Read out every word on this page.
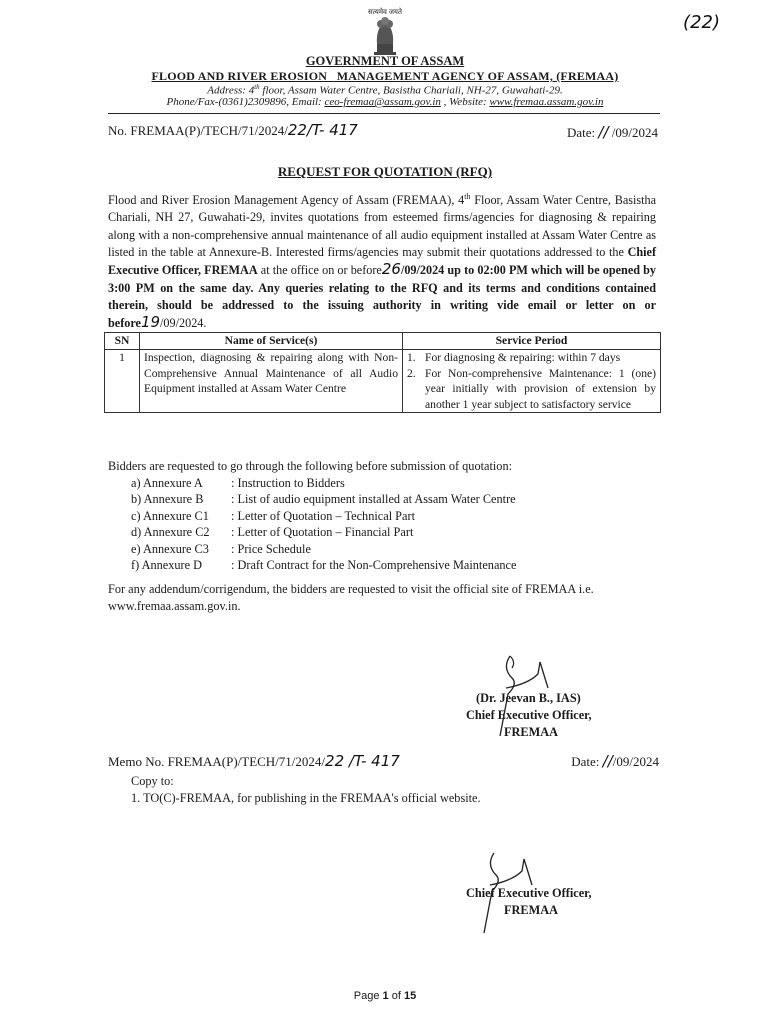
सत्यमेव जयते	(22)
GOVERNMENT OF ASSAM
FLOOD AND RIVER EROSION   MANAGEMENT AGENCY OF ASSAM, (FREMAA)
Address: 4th floor, Assam Water Centre, Basistha Chariali, NH-27, Guwahati-29.
Phone/Fax-(0361)2309896, Email: ceo-fremaa@assam.gov.in , Website: www.fremaa.assam.gov.in
No. FREMAA(P)/TECH/71/2024/22/T- 417	Date: // /09/2024
REQUEST FOR QUOTATION (RFQ)
Flood and River Erosion Management Agency of Assam (FREMAA), 4th Floor, Assam Water Centre, Basistha Chariali, NH 27, Guwahati-29, invites quotations from esteemed firms/agencies for diagnosing & repairing along with a non-comprehensive annual maintenance of all audio equipment installed at Assam Water Centre as listed in the table at Annexure-B. Interested firms/agencies may submit their quotations addressed to the Chief Executive Officer, FREMAA at the office on or before26/09/2024 up to 02:00 PM which will be opened by 3:00 PM on the same day. Any queries relating to the RFQ and its terms and conditions contained therein, should be addressed to the issuing authority in writing vide email or letter on or before19/09/2024.
SN	Name of Service(s)	Service Period
1	Inspection, diagnosing & repairing along with Non-Comprehensive Annual Maintenance of all Audio Equipment installed at Assam Water Centre	1. For diagnosing & repairing: within 7 days
2. For Non-comprehensive Maintenance: 1 (one) year initially with provision of extension by another 1 year subject to satisfactory service
Bidders are requested to go through the following before submission of quotation:
a) Annexure A	: Instruction to Bidders
b) Annexure B	: List of audio equipment installed at Assam Water Centre
c) Annexure C1	: Letter of Quotation – Technical Part
d) Annexure C2	: Letter of Quotation – Financial Part
e) Annexure C3	: Price Schedule
f) Annexure D	: Draft Contract for the Non-Comprehensive Maintenance
For any addendum/corrigendum, the bidders are requested to visit the official site of FREMAA i.e. www.fremaa.assam.gov.in.
(Dr. Jeevan B., IAS)
Chief Executive Officer,
FREMAA
Memo No. FREMAA(P)/TECH/71/2024/22 /T- 417	Date: ///09/2024
Copy to:
1. TO(C)-FREMAA, for publishing in the FREMAA's official website.
Chief Executive Officer,
FREMAA
Page 1 of 15
